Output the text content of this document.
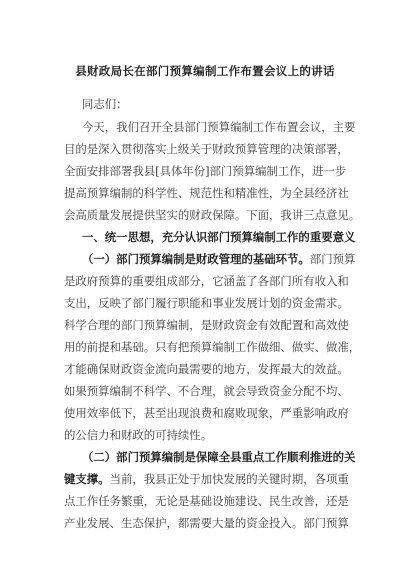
县财政局长在部门预算编制工作布置会议上的讲话
同志们：
今天，我们召开全县部门预算编制工作布置会议，主要
目的是深入贯彻落实上级关于财政预算管理的决策部署，
全面安排部署我县[具体年份]部门预算编制工作，进一步
提高预算编制的科学性、规范性和精准性，为全县经济社
会高质量发展提供坚实的财政保障。下面，我讲三点意见。
一、统一思想，充分认识部门预算编制工作的重要意义
（一）部门预算编制是财政管理的基础环节。部门预算
是政府预算的重要组成部分，它涵盖了各部门所有收入和
支出，反映了部门履行职能和事业发展计划的资金需求。
科学合理的部门预算编制，是财政资金有效配置和高效使
用的前提和基础。只有把预算编制工作做细、做实、做准，
才能确保财政资金流向最需要的地方，发挥最大的效益。
如果预算编制不科学、不合理，就会导致资金分配不均、
使用效率低下，甚至出现浪费和腐败现象，严重影响政府
的公信力和财政的可持续性。
（二）部门预算编制是保障全县重点工作顺利推进的关
键支撑。当前，我县正处于加快发展的关键时期，各项重
点工作任务繁重，无论是基础设施建设、民生改善，还是
产业发展、生态保护，都需要大量的资金投入。部门预算
